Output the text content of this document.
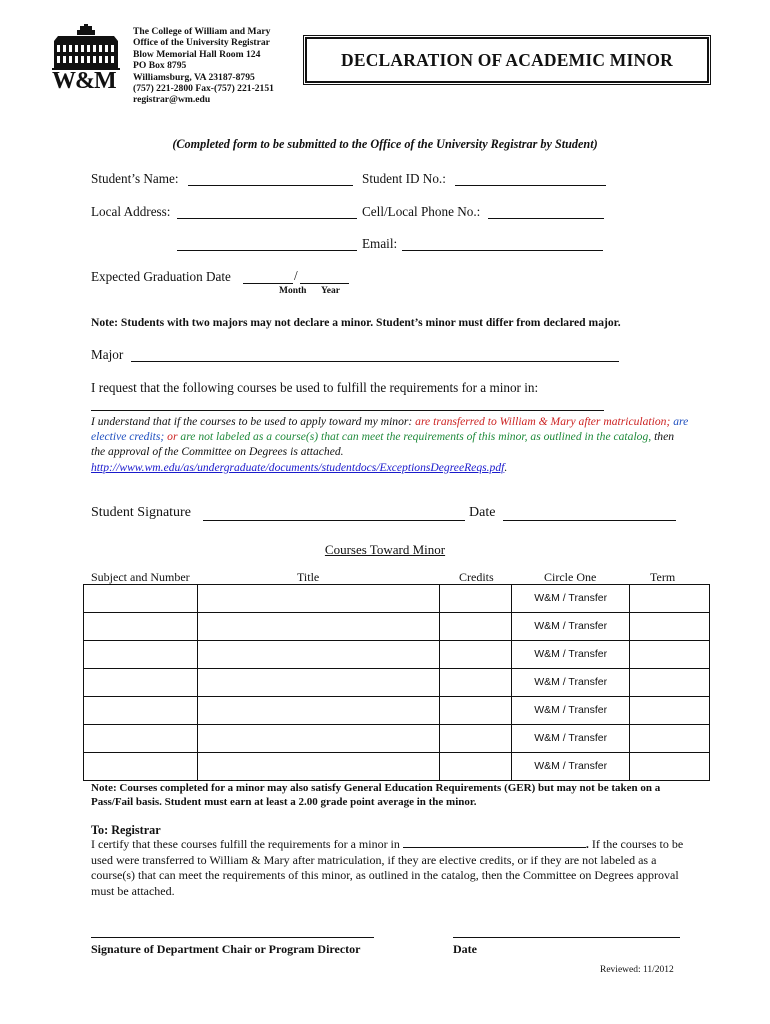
W&M
The College of William and Mary
Office of the University Registrar
Blow Memorial Hall Room 124
PO Box 8795
Williamsburg, VA 23187-8795
(757) 221-2800 Fax-(757) 221-2151
registrar@wm.edu
DECLARATION OF ACADEMIC MINOR
(Completed form to be submitted to the Office of the University Registrar by Student)
Student’s Name:	Student ID No.:
Local Address:	Cell/Local Phone No.:
Email:
Expected Graduation Date	/
Month Year
Note: Students with two majors may not declare a minor. Student’s minor must differ from declared major.
Major
I request that the following courses be used to fulfill the requirements for a minor in:
I understand that if the courses to be used to apply toward my minor: are transferred to William & Mary after matriculation; are elective credits; or are not labeled as a course(s) that can meet the requirements of this minor, as outlined in the catalog, then the approval of the Committee on Degrees is attached.
http://www.wm.edu/as/undergraduate/documents/studentdocs/ExceptionsDegreeReqs.pdf.
Student Signature	Date
Courses Toward Minor
Subject and Number	Title	Credits	Circle One	Term
			W&M / Transfer	
			W&M / Transfer	
			W&M / Transfer	
			W&M / Transfer	
			W&M / Transfer	
			W&M / Transfer	
			W&M / Transfer	
Note: Courses completed for a minor may also satisfy General Education Requirements (GER) but may not be taken on a Pass/Fail basis. Student must earn at least a 2.00 grade point average in the minor.
To: Registrar
I certify that these courses fulfill the requirements for a minor in	. If the courses to be used were transferred to William & Mary after matriculation, if they are elective credits, or if they are not labeled as a course(s) that can meet the requirements of this minor, as outlined in the catalog, then the Committee on Degrees approval must be attached.
Signature of Department Chair or Program Director	Date
Reviewed: 11/2012
